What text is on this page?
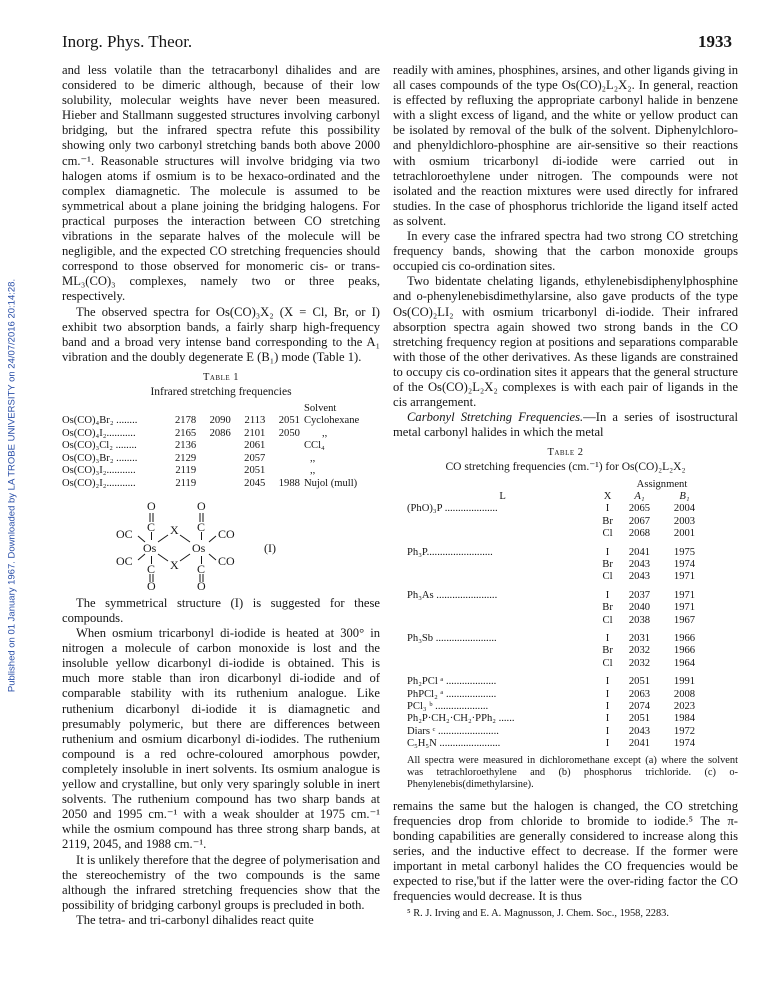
Inorg. Phys. Theor.	1933
Published on 01 January 1967. Downloaded by LA TROBE UNIVERSITY on 24/07/2016 20:14:28.

and less volatile than the tetracarbonyl dihalides and are considered to be dimeric although, because of their low solubility, molecular weights have never been measured. Hieber and Stallmann suggested structures involving carbonyl bridging, but the infrared spectra refute this possibility showing only two carbonyl stretching bands both above 2000 cm.⁻¹. Reasonable structures will involve bridging via two halogen atoms if osmium is to be hexaco-ordinated and the complex diamagnetic. The molecule is assumed to be symmetrical about a plane joining the bridging halogens. For practical purposes the interaction between CO stretching vibrations in the separate halves of the molecule will be negligible, and the expected CO stretching frequencies should correspond to those observed for monomeric cis- or trans-ML₃(CO)₃ complexes, namely two or three peaks, respectively.

The observed spectra for Os(CO)₃X₂ (X = Cl, Br, or I) exhibit two absorption bands, a fairly sharp high-frequency band and a broad very intense band corresponding to the A₁ vibration and the doubly degenerate E (B₁) mode (Table 1).

Table 1
Infrared stretching frequencies
					Solvent
Os(CO)₄Br₂ ........	2178	2090	2113	2051	Cyclohexane
Os(CO)₄I₂...........	2165	2086	2101	2050	,,
Os(CO)₃Cl₂ ........	2136		2061		CCl₄
Os(CO)₃Br₂ ........	2129		2057		,,
Os(CO)₃I₂...........	2119		2051		,,
Os(CO)₂I₂...........	2119		2045	1988	Nujol (mull)
O	O
C	C
OC	X	CO
Os	Os
OC	X	CO
C	C
O	O
(I)

The symmetrical structure (I) is suggested for these compounds.

When osmium tricarbonyl di-iodide is heated at 300° in nitrogen a molecule of carbon monoxide is lost and the insoluble yellow dicarbonyl di-iodide is obtained. This is much more stable than iron dicarbonyl di-iodide and of comparable stability with its ruthenium analogue. Like ruthenium dicarbonyl di-iodide it is diamagnetic and presumably polymeric, but there are differences between ruthenium and osmium dicarbonyl di-iodides. The ruthenium compound is a red ochre-coloured amorphous powder, completely insoluble in inert solvents. Its osmium analogue is yellow and crystalline, but only very sparingly soluble in inert solvents. The ruthenium compound has two sharp bands at 2050 and 1995 cm.⁻¹ with a weak shoulder at 1975 cm.⁻¹ while the osmium compound has three strong sharp bands, at 2119, 2045, and 1988 cm.⁻¹.

It is unlikely therefore that the degree of polymerisation and the stereochemistry of the two compounds is the same although the infrared stretching frequencies show that the possibility of bridging carbonyl groups is precluded in both.

The tetra- and tri-carbonyl dihalides react quite

readily with amines, phosphines, arsines, and other ligands giving in all cases compounds of the type Os(CO)₂L₂X₂. In general, reaction is effected by refluxing the appropriate carbonyl halide in benzene with a slight excess of ligand, and the white or yellow product can be isolated by removal of the bulk of the solvent. Diphenylchloro- and phenyldichloro-phosphine are air-sensitive so their reactions with osmium tricarbonyl di-iodide were carried out in tetrachloroethylene under nitrogen. The compounds were not isolated and the reaction mixtures were used directly for infrared studies. In the case of phosphorus trichloride the ligand itself acted as solvent.

In every case the infrared spectra had two strong CO stretching frequency bands, showing that the carbon monoxide groups occupied cis co-ordination sites.

Two bidentate chelating ligands, ethylenebisdiphenylphosphine and o-phenylenebisdimethylarsine, also gave products of the type Os(CO)₂LI₂ with osmium tricarbonyl di-iodide. Their infrared absorption spectra again showed two strong bands in the CO stretching frequency region at positions and separations comparable with those of the other derivatives. As these ligands are constrained to occupy cis co-ordination sites it appears that the general structure of the Os(CO)₂L₂X₂ complexes is with each pair of ligands in the cis arrangement.

Carbonyl Stretching Frequencies.—In a series of isostructural metal carbonyl halides in which the metal

Table 2
CO stretching frequencies (cm.⁻¹) for Os(CO)₂L₂X₂
		Assignment	
L	X	A₁	B₁
(PhO)₃P ....................	I	2065	2004
	Br	2067	2003
	Cl	2068	2001
Ph₃P.........................	I	2041	1975
	Br	2043	1974
	Cl	2043	1971
Ph₃As .......................	I	2037	1971
	Br	2040	1971
	Cl	2038	1967
Ph₃Sb .......................	I	2031	1966
	Br	2032	1966
	Cl	2032	1964
Ph₂PCl ᵃ ...................	I	2051	1991
PhPCl₂ ᵃ ...................	I	2063	2008
PCl₃ ᵇ ....................	I	2074	2023
Ph₂P·CH₂·CH₂·PPh₂ ......	I	2051	1984
Diars ᶜ .......................	I	2043	1972
C₅H₅N .......................	I	2041	1974
All spectra were measured in dichloromethane except (a) where the solvent was tetrachloroethylene and (b) phosphorus trichloride. (c) o-Phenylenebis(dimethylarsine).

remains the same but the halogen is changed, the CO stretching frequencies drop from chloride to bromide to iodide.⁵ The π-bonding capabilities are generally considered to increase along this series, and the inductive effect to decrease. If the former were important in metal carbonyl halides the CO frequencies would be expected to rise,'but if the latter were the over-riding factor the CO frequencies would decrease. It is thus

⁵ R. J. Irving and E. A. Magnusson, J. Chem. Soc., 1958, 2283.
